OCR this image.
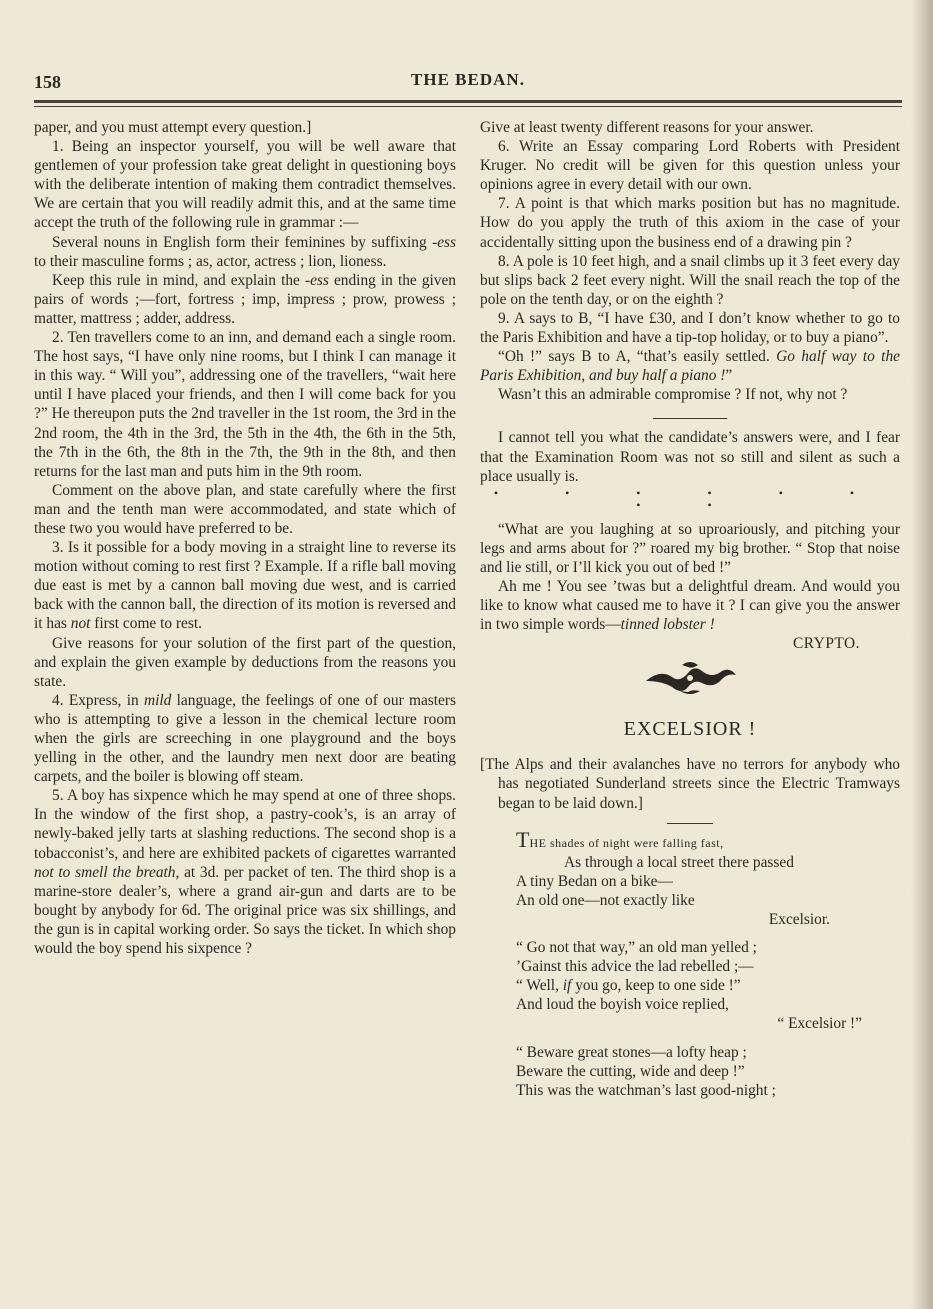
158	THE BEDAN.

paper, and you must attempt every question.]

1. Being an inspector yourself, you will be well aware that gentlemen of your profession take great delight in questioning boys with the deliberate intention of making them contradict themselves. We are certain that you will readily admit this, and at the same time accept the truth of the following rule in grammar :—

Several nouns in English form their feminines by suffixing -ess to their masculine forms ; as, actor, actress ; lion, lioness.

Keep this rule in mind, and explain the -ess ending in the given pairs of words ;—fort, fortress ; imp, impress ; prow, prowess ; matter, mattress ; adder, address.

2. Ten travellers come to an inn, and demand each a single room. The host says, “I have only nine rooms, but I think I can manage it in this way. “ Will you”, addressing one of the travellers, “wait here until I have placed your friends, and then I will come back for you ?” He thereupon puts the 2nd traveller in the 1st room, the 3rd in the 2nd room, the 4th in the 3rd, the 5th in the 4th, the 6th in the 5th, the 7th in the 6th, the 8th in the 7th, the 9th in the 8th, and then returns for the last man and puts him in the 9th room.

Comment on the above plan, and state carefully where the first man and the tenth man were accommodated, and state which of these two you would have preferred to be.

3. Is it possible for a body moving in a straight line to reverse its motion without coming to rest first ? Example. If a rifle ball moving due east is met by a cannon ball moving due west, and is carried back with the cannon ball, the direction of its motion is reversed and it has not first come to rest.

Give reasons for your solution of the first part of the question, and explain the given example by deductions from the reasons you state.

4. Express, in mild language, the feelings of one of our masters who is attempting to give a lesson in the chemical lecture room when the girls are screeching in one playground and the boys yelling in the other, and the laundry men next door are beating carpets, and the boiler is blowing off steam.

5. A boy has sixpence which he may spend at one of three shops. In the window of the first shop, a pastry-cook’s, is an array of newly-baked jelly tarts at slashing reductions. The second shop is a tobacconist’s, and here are exhibited packets of cigarettes warranted not to smell the breath, at 3d. per packet of ten. The third shop is a marine-store dealer’s, where a grand air-gun and darts are to be bought by anybody for 6d. The original price was six shillings, and the gun is in capital working order. So says the ticket. In which shop would the boy spend his sixpence ?

Give at least twenty different reasons for your answer.

6. Write an Essay comparing Lord Roberts with President Kruger. No credit will be given for this question unless your opinions agree in every detail with our own.

7. A point is that which marks position but has no magnitude. How do you apply the truth of this axiom in the case of your accidentally sitting upon the business end of a drawing pin ?

8. A pole is 10 feet high, and a snail climbs up it 3 feet every day but slips back 2 feet every night. Will the snail reach the top of the pole on the tenth day, or on the eighth ?

9. A says to B, “I have £30, and I don’t know whether to go to the Paris Exhibition and have a tip-top holiday, or to buy a piano”.

“Oh !” says B to A, “that’s easily settled. Go half way to the Paris Exhibition, and buy half a piano !”

Wasn’t this an admirable compromise ? If not, why not ?

I cannot tell you what the candidate’s answers were, and I fear that the Examination Room was not so still and silent as such a place usually is.

• • • • • • • •

“What are you laughing at so uproariously, and pitching your legs and arms about for ?” roared my big brother. “ Stop that noise and lie still, or I’ll kick you out of bed !”

Ah me ! You see ’twas but a delightful dream. And would you like to know what caused me to have it ? I can give you the answer in two simple words—tinned lobster !

CRYPTO.

EXCELSIOR !

[The Alps and their avalanches have no terrors for anybody who has negotiated Sunderland streets since the Electric Tramways began to be laid down.]

THE shades of night were falling fast,
As through a local street there passed
A tiny Bedan on a bike—
An old one—not exactly like
Excelsior.
“ Go not that way,” an old man yelled ;
’Gainst this advice the lad rebelled ;—
“ Well, if you go, keep to one side !”
And loud the boyish voice replied,
“ Excelsior !”
“ Beware great stones—a lofty heap ;
Beware the cutting, wide and deep !”
This was the watchman’s last good-night ;
